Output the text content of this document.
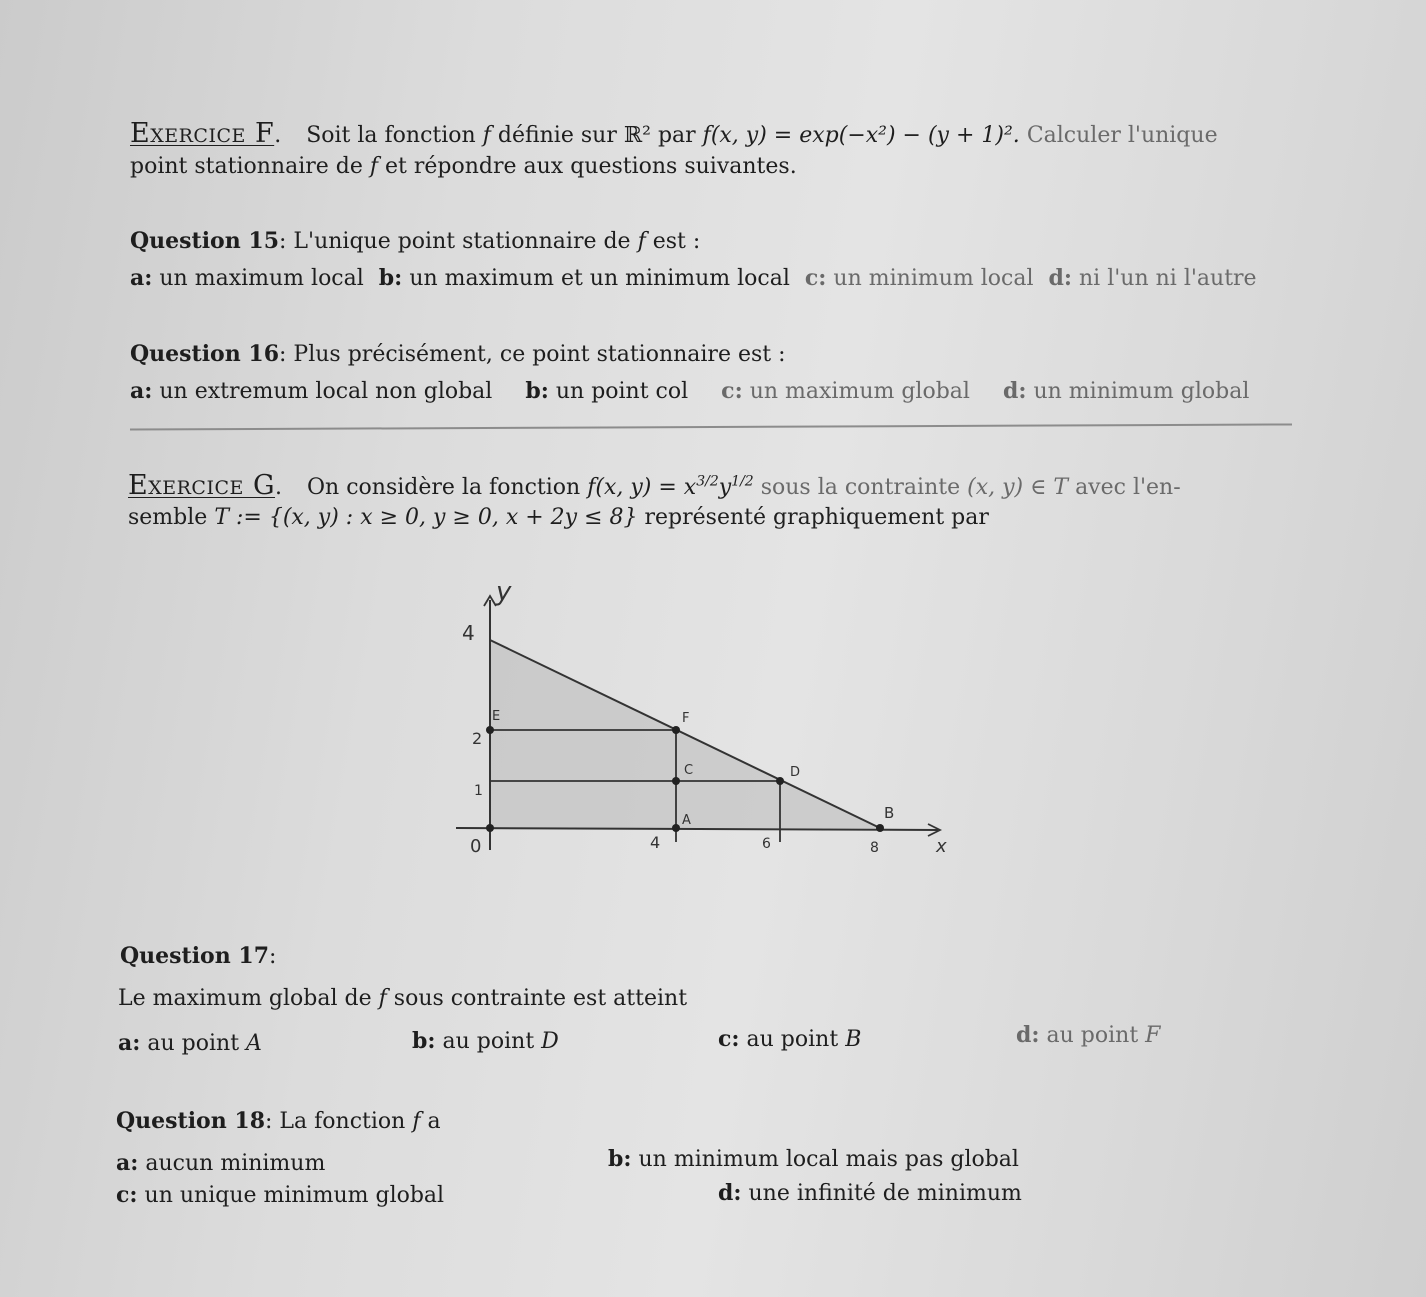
Exercice F. Soit la fonction f définie sur ℝ² par f(x, y) = exp(−x²) − (y + 1)². Calculer l'unique
point stationnaire de f et répondre aux questions suivantes.
Question 15: L'unique point stationnaire de f est :
a: un maximum local b: un maximum et un minimum local c: un minimum local d: ni l'un ni l'autre
Question 16: Plus précisément, ce point stationnaire est :
a: un extremum local non global b: un point col c: un maximum global d: un minimum global
Exercice G. On considère la fonction f(x, $y) = x^{3/2}y^{1/2}$ sous la contrainte (x, y) ∈ T avec l'en-
semble T := {(x, y) : x ≥ 0, y ≥ 0, x + 2y ≤ 8} représenté graphiquement par
y
4
2
1
0	4	6	8	x
E	F
C	D
A	B
Question 17:
Le maximum global de f sous contrainte est atteint
a: au point A	b: au point D	c: au point B	d: au point F
Question 18: La fonction f a
a: aucun minimum	b: un minimum local mais pas global
c: un unique minimum global	d: une infinité de minimum
